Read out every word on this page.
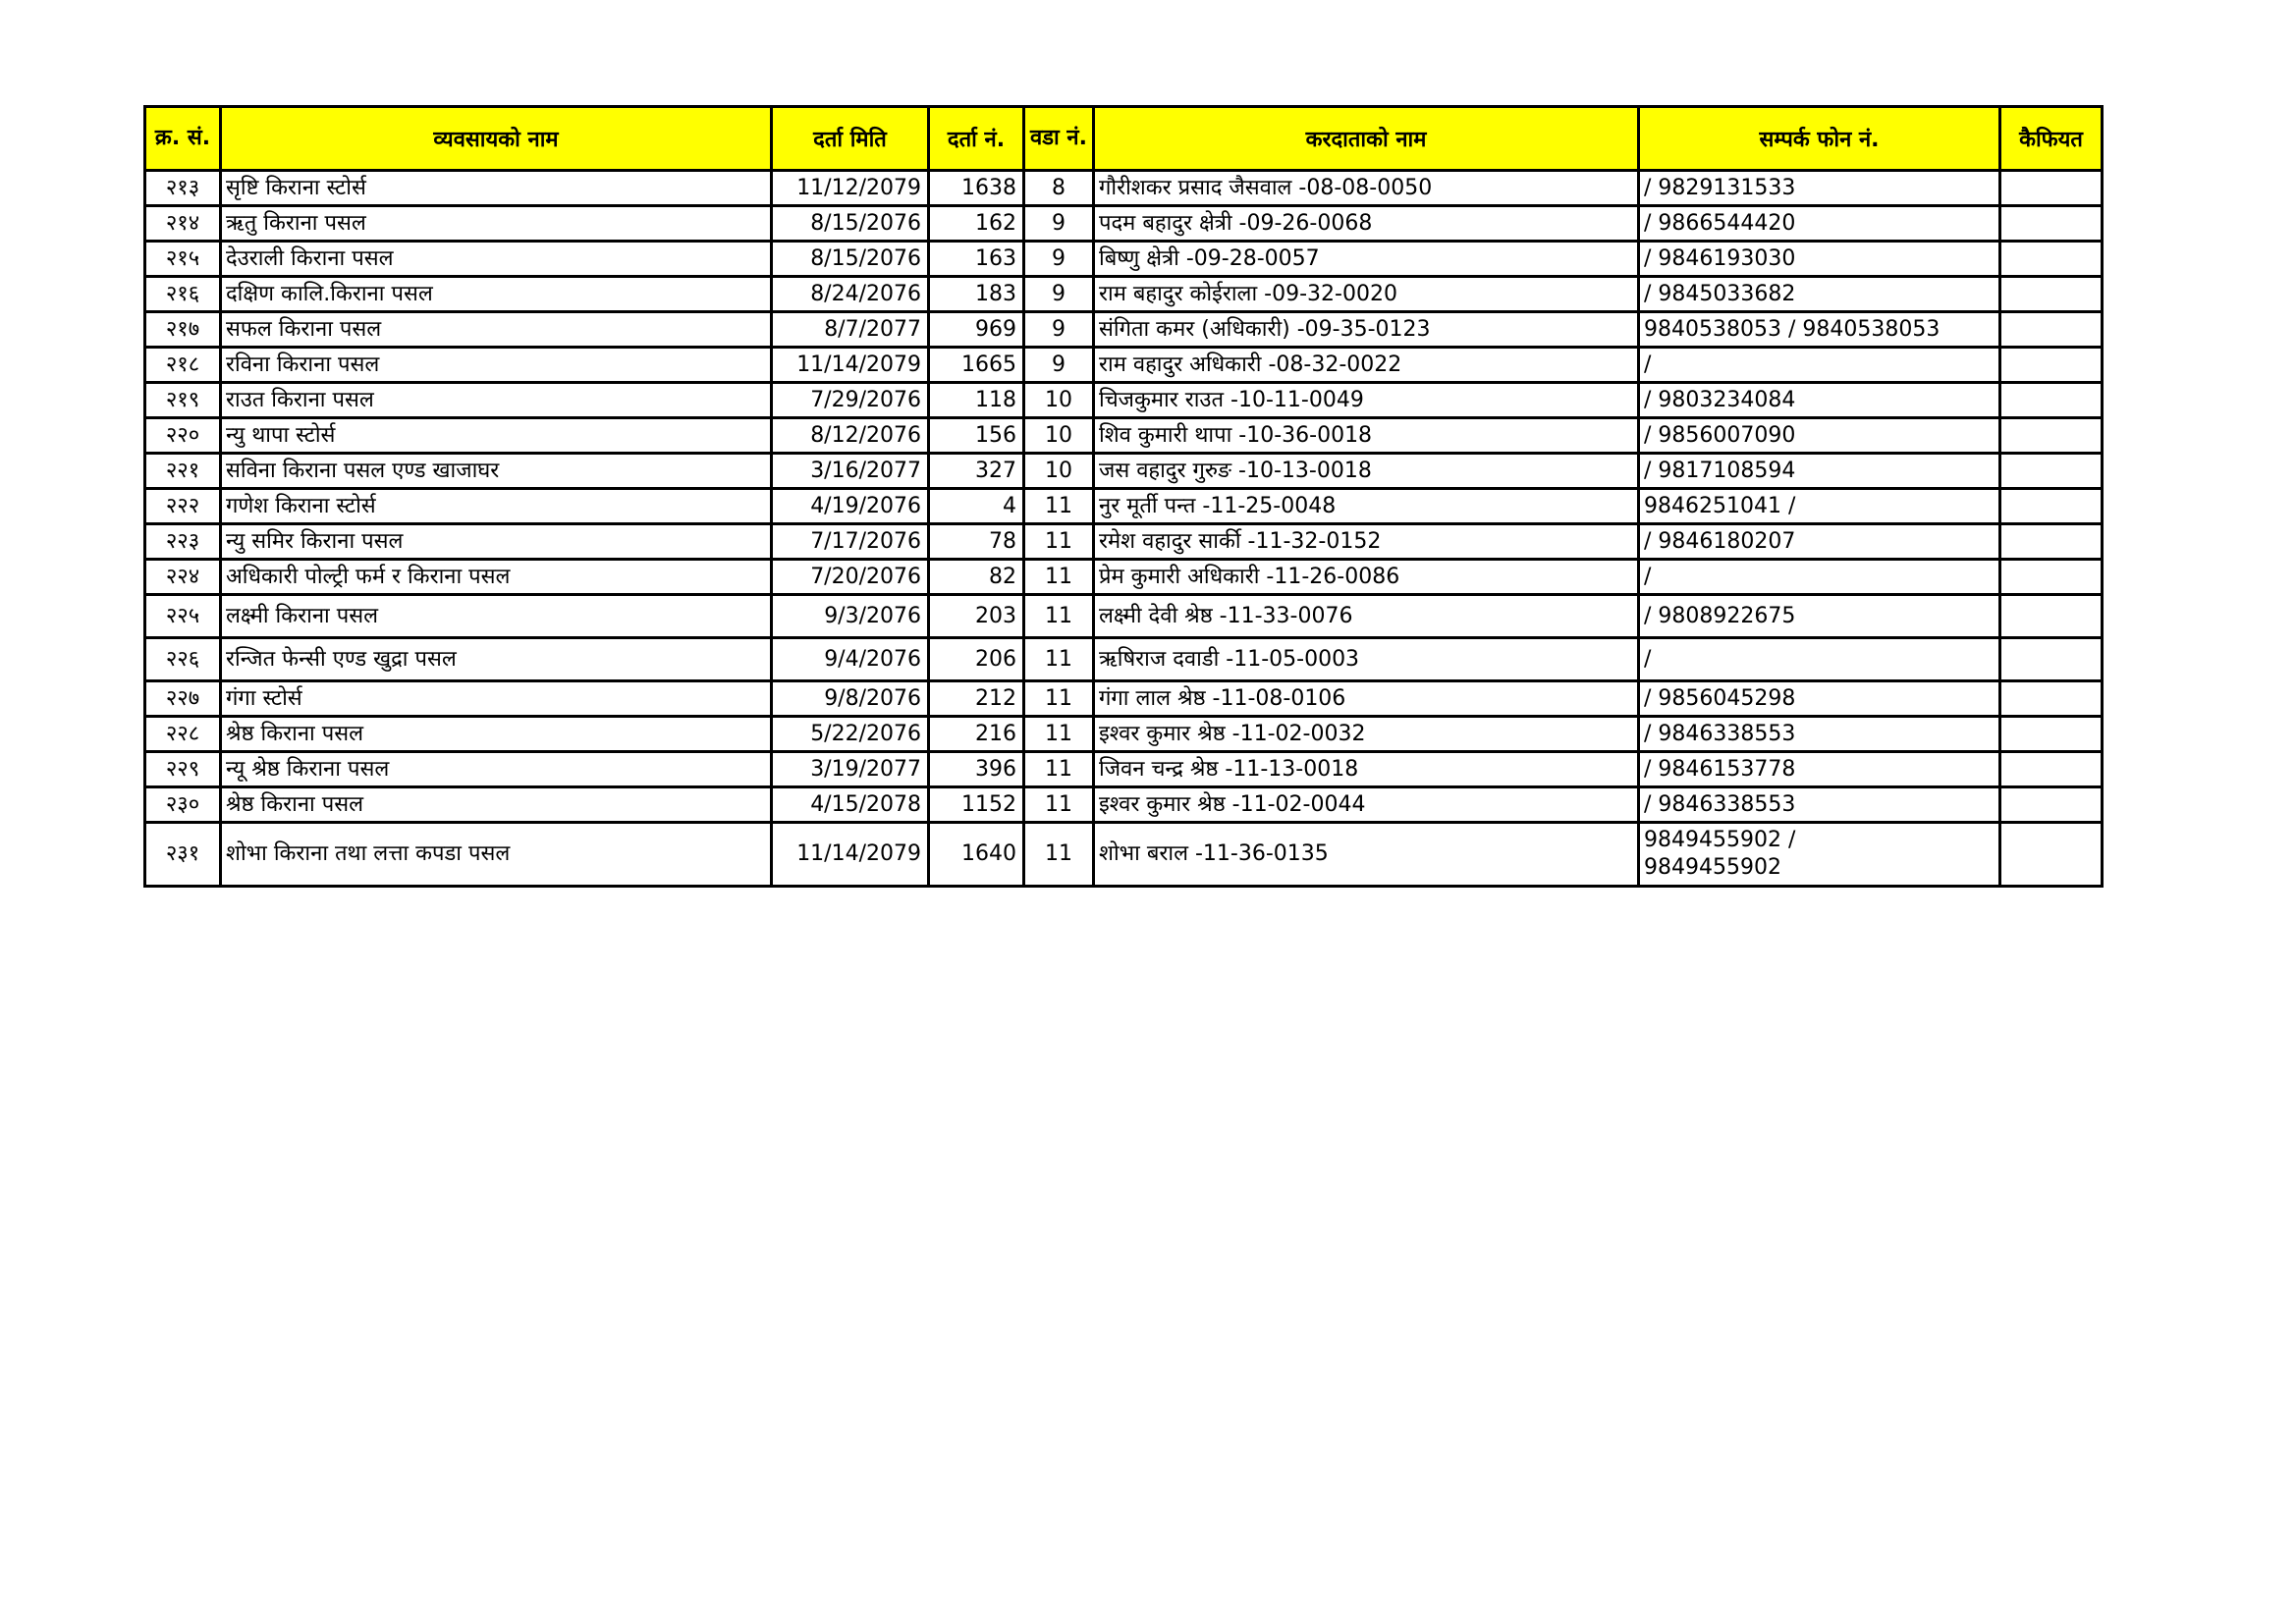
क्र. सं.	व्यवसायको नाम	दर्ता मिति	दर्ता नं.	वडा नं.	करदाताको नाम	सम्पर्क फोन नं.	कैफियत
२१३	सृष्टि किराना स्टोर्स	11/12/2079	1638	8	गौरीशकर प्रसाद जैसवाल -08-08-0050	/ 9829131533	
२१४	ऋतु किराना पसल	8/15/2076	162	9	पदम बहादुर क्षेत्री -09-26-0068	/ 9866544420	
२१५	देउराली किराना पसल	8/15/2076	163	9	बिष्णु क्षेत्री -09-28-0057	/ 9846193030	
२१६	दक्षिण कालि.किराना पसल	8/24/2076	183	9	राम बहादुर कोईराला -09-32-0020	/ 9845033682	
२१७	सफल किराना पसल	8/7/2077	969	9	संगिता कमर (अधिकारी) -09-35-0123	9840538053 / 9840538053	
२१८	रविना किराना पसल	11/14/2079	1665	9	राम वहादुर अधिकारी -08-32-0022	/	
२१९	राउत किराना पसल	7/29/2076	118	10	चिजकुमार राउत -10-11-0049	/ 9803234084	
२२०	न्यु थापा स्टोर्स	8/12/2076	156	10	शिव कुमारी थापा -10-36-0018	/ 9856007090	
२२१	सविना किराना पसल एण्ड खाजाघर	3/16/2077	327	10	जस वहादुर गुरुङ -10-13-0018	/ 9817108594	
२२२	गणेश किराना स्टोर्स	4/19/2076	4	11	नुर मूर्ती पन्त -11-25-0048	9846251041 /	
२२३	न्यु समिर किराना पसल	7/17/2076	78	11	रमेश वहादुर सार्की -11-32-0152	/ 9846180207	
२२४	अधिकारी पोल्ट्री फर्म र किराना पसल	7/20/2076	82	11	प्रेम कुमारी अधिकारी -11-26-0086	/	
२२५	लक्ष्मी किराना पसल	9/3/2076	203	11	लक्ष्मी देवी श्रेष्ठ -11-33-0076	/ 9808922675	
२२६	रन्जित फेन्सी एण्ड खुद्रा पसल	9/4/2076	206	11	ऋषिराज दवाडी -11-05-0003	/	
२२७	गंगा स्टोर्स	9/8/2076	212	11	गंगा लाल श्रेष्ठ -11-08-0106	/ 9856045298	
२२८	श्रेष्ठ किराना पसल	5/22/2076	216	11	इश्वर कुमार श्रेष्ठ -11-02-0032	/ 9846338553	
२२९	न्यू श्रेष्ठ किराना पसल	3/19/2077	396	11	जिवन चन्द्र श्रेष्ठ -11-13-0018	/ 9846153778	
२३०	श्रेष्ठ किराना पसल	4/15/2078	1152	11	इश्वर कुमार श्रेष्ठ -11-02-0044	/ 9846338553	
२३१	शोभा किराना तथा लत्ता कपडा पसल	11/14/2079	1640	11	शोभा बराल -11-36-0135	9849455902 /
9849455902	
